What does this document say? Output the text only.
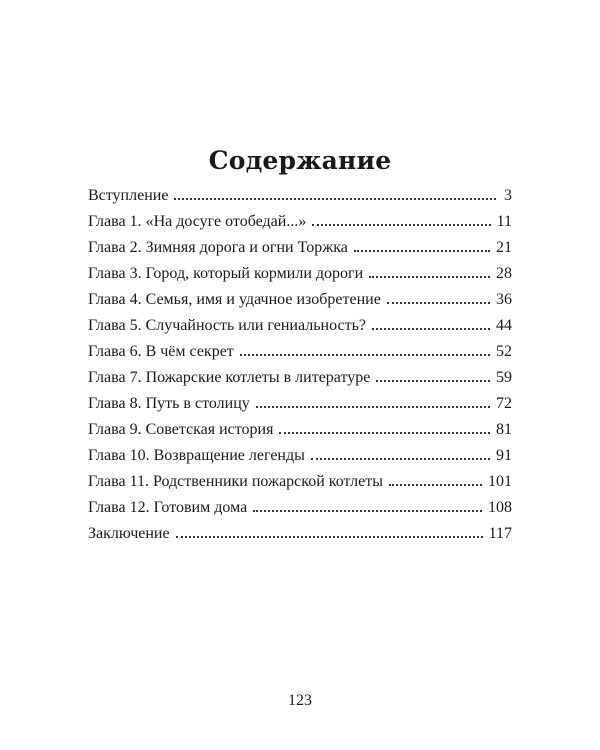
Содержание
Вступление	3
Глава 1. «На досуге отобедай...»	11
Глава 2. Зимняя дорога и огни Торжка	21
Глава 3. Город, который кормили дороги	28
Глава 4. Семья, имя и удачное изобретение	36
Глава 5. Случайность или гениальность?	44
Глава 6. В чём секрет	52
Глава 7. Пожарские котлеты в литературе	59
Глава 8. Путь в столицу	72
Глава 9. Советская история	81
Глава 10. Возвращение легенды	91
Глава 11. Родственники пожарской котлеты	101
Глава 12. Готовим дома	108
Заключение	117
123
